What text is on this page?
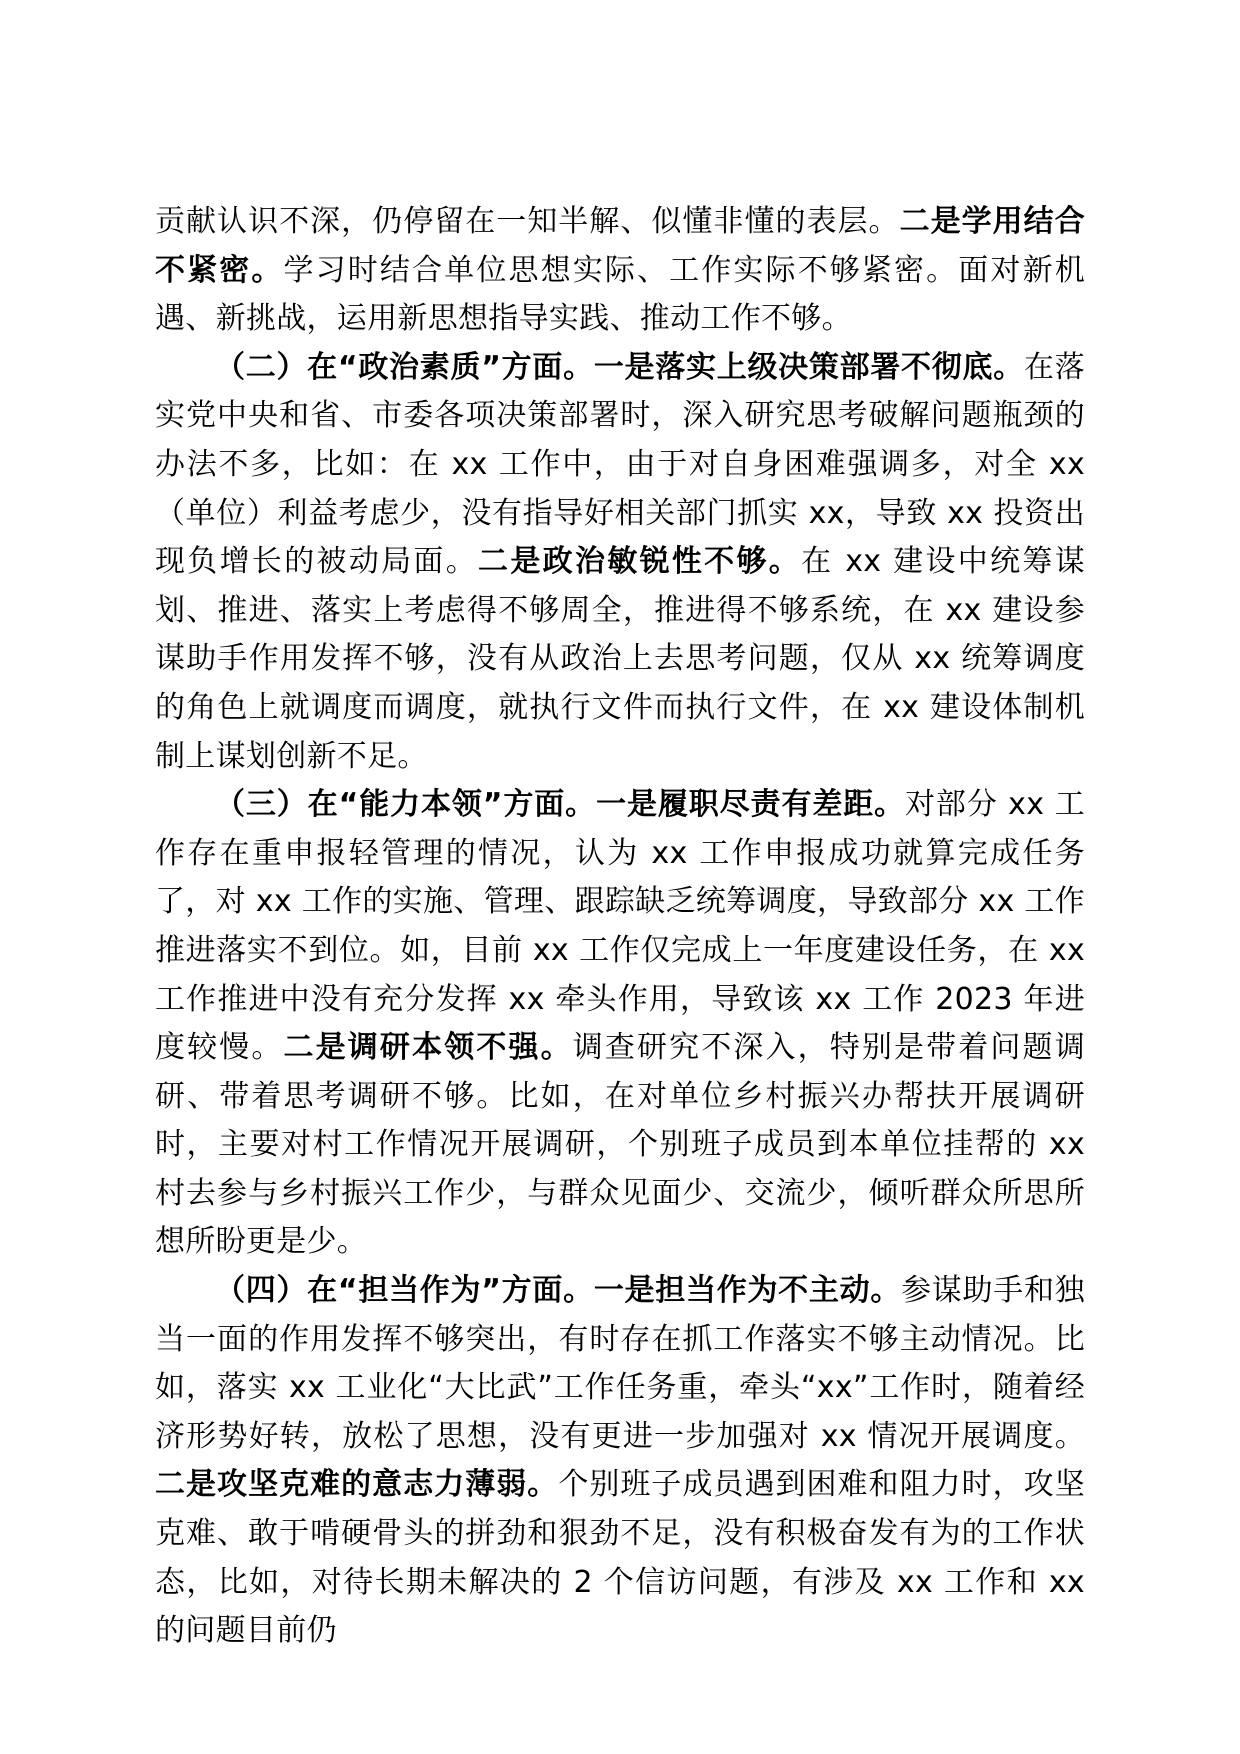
贡献认识不深，仍停留在一知半解、似懂非懂的表层。二是学用结合不紧密。学习时结合单位思想实际、工作实际不够紧密。面对新机遇、新挑战，运用新思想指导实践、推动工作不够。

（二）在“政治素质”方面。一是落实上级决策部署不彻底。在落实党中央和省、市委各项决策部署时，深入研究思考破解问题瓶颈的办法不多，比如：在 xx 工作中，由于对自身困难强调多，对全 xx（单位）利益考虑少，没有指导好相关部门抓实 xx，导致 xx 投资出现负增长的被动局面。二是政治敏锐性不够。在 xx 建设中统筹谋划、推进、落实上考虑得不够周全，推进得不够系统，在 xx 建设参谋助手作用发挥不够，没有从政治上去思考问题，仅从 xx 统筹调度的角色上就调度而调度，就执行文件而执行文件，在 xx 建设体制机制上谋划创新不足。

（三）在“能力本领”方面。一是履职尽责有差距。对部分 xx 工作存在重申报轻管理的情况，认为 xx 工作申报成功就算完成任务了，对 xx 工作的实施、管理、跟踪缺乏统筹调度，导致部分 xx 工作推进落实不到位。如，目前 xx 工作仅完成上一年度建设任务，在 xx 工作推进中没有充分发挥 xx 牵头作用，导致该 xx 工作 2023 年进度较慢。二是调研本领不强。调查研究不深入，特别是带着问题调研、带着思考调研不够。比如，在对单位乡村振兴办帮扶开展调研时，主要对村工作情况开展调研，个别班子成员到本单位挂帮的 xx 村去参与乡村振兴工作少，与群众见面少、交流少，倾听群众所思所想所盼更是少。

（四）在“担当作为”方面。一是担当作为不主动。参谋助手和独当一面的作用发挥不够突出，有时存在抓工作落实不够主动情况。比如，落实 xx 工业化“大比武”工作任务重，牵头“xx”工作时，随着经济形势好转，放松了思想，没有更进一步加强对 xx 情况开展调度。二是攻坚克难的意志力薄弱。个别班子成员遇到困难和阻力时，攻坚克难、敢于啃硬骨头的拼劲和狠劲不足，没有积极奋发有为的工作状态，比如，对待长期未解决的 2 个信访问题，有涉及 xx 工作和 xx 的问题目前仍
